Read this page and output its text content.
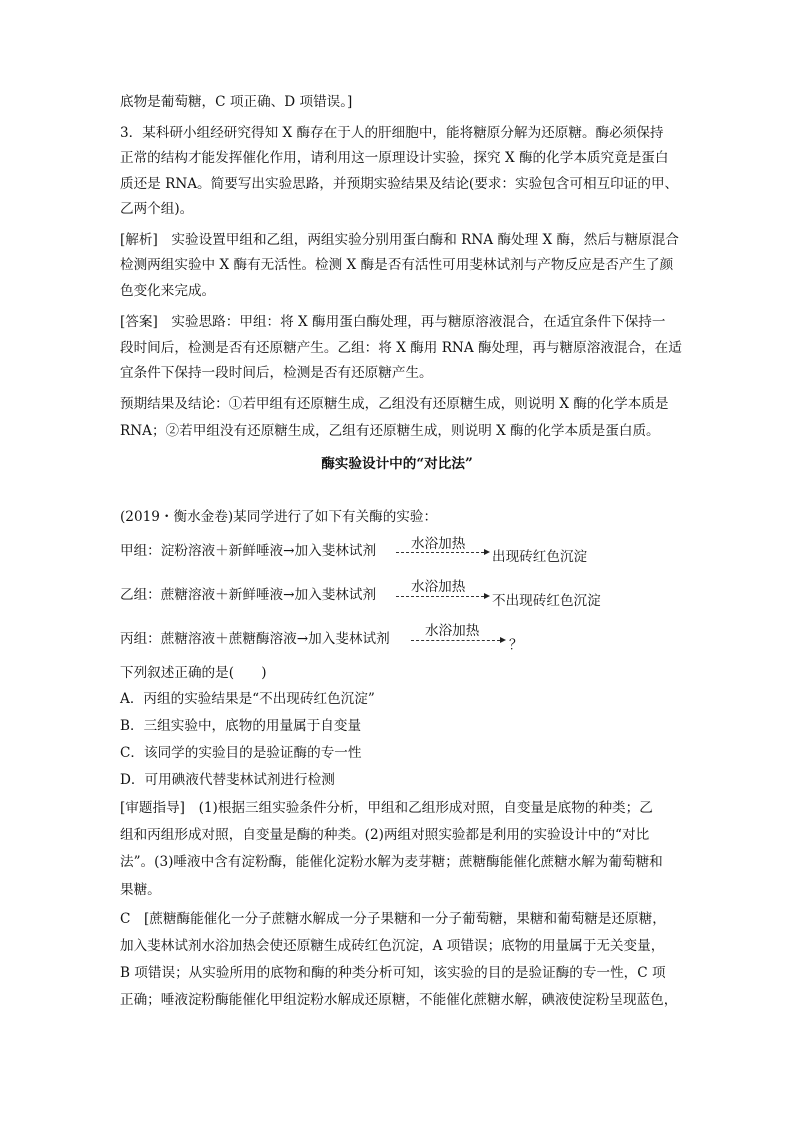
底物是葡萄糖，C 项正确、D 项错误。]
3．某科研小组经研究得知 X 酶存在于人的肝细胞中，能将糖原分解为还原糖。酶必须保持
正常的结构才能发挥催化作用，请利用这一原理设计实验，探究 X 酶的化学本质究竟是蛋白
质还是 RNA。简要写出实验思路，并预期实验结果及结论(要求：实验包含可相互印证的甲、
乙两个组)。
[解析]　实验设置甲组和乙组，两组实验分别用蛋白酶和 RNA 酶处理 X 酶，然后与糖原混合
检测两组实验中 X 酶有无活性。检测 X 酶是否有活性可用斐林试剂与产物反应是否产生了颜
色变化来完成。
[答案]　实验思路：甲组：将 X 酶用蛋白酶处理，再与糖原溶液混合，在适宜条件下保持一
段时间后，检测是否有还原糖产生。乙组：将 X 酶用 RNA 酶处理，再与糖原溶液混合，在适
宜条件下保持一段时间后，检测是否有还原糖产生。
预期结果及结论：①若甲组有还原糖生成，乙组没有还原糖生成，则说明 X 酶的化学本质是
RNA；②若甲组没有还原糖生成，乙组有还原糖生成，则说明 X 酶的化学本质是蛋白质。
酶实验设计中的“对比法”
(2019・衡水金卷)某同学进行了如下有关酶的实验：
甲组：淀粉溶液＋新鲜唾液→加入斐林试剂	水浴加热
出现砖红色沉淀
乙组：蔗糖溶液＋新鲜唾液→加入斐林试剂	水浴加热
不出现砖红色沉淀
丙组：蔗糖溶液＋蔗糖酶溶液→加入斐林试剂	水浴加热
？
下列叙述正确的是(　　)
A．丙组的实验结果是“不出现砖红色沉淀”
B．三组实验中，底物的用量属于自变量
C．该同学的实验目的是验证酶的专一性
D．可用碘液代替斐林试剂进行检测
[审题指导]　(1)根据三组实验条件分析，甲组和乙组形成对照，自变量是底物的种类；乙
组和丙组形成对照，自变量是酶的种类。(2)两组对照实验都是利用的实验设计中的“对比
法”。(3)唾液中含有淀粉酶，能催化淀粉水解为麦芽糖；蔗糖酶能催化蔗糖水解为葡萄糖和
果糖。
C　[蔗糖酶能催化一分子蔗糖水解成一分子果糖和一分子葡萄糖，果糖和葡萄糖是还原糖，
加入斐林试剂水浴加热会使还原糖生成砖红色沉淀，A 项错误；底物的用量属于无关变量，
B 项错误；从实验所用的底物和酶的种类分析可知，该实验的目的是验证酶的专一性，C 项
正确；唾液淀粉酶能催化甲组淀粉水解成还原糖，不能催化蔗糖水解，碘液使淀粉呈现蓝色，
